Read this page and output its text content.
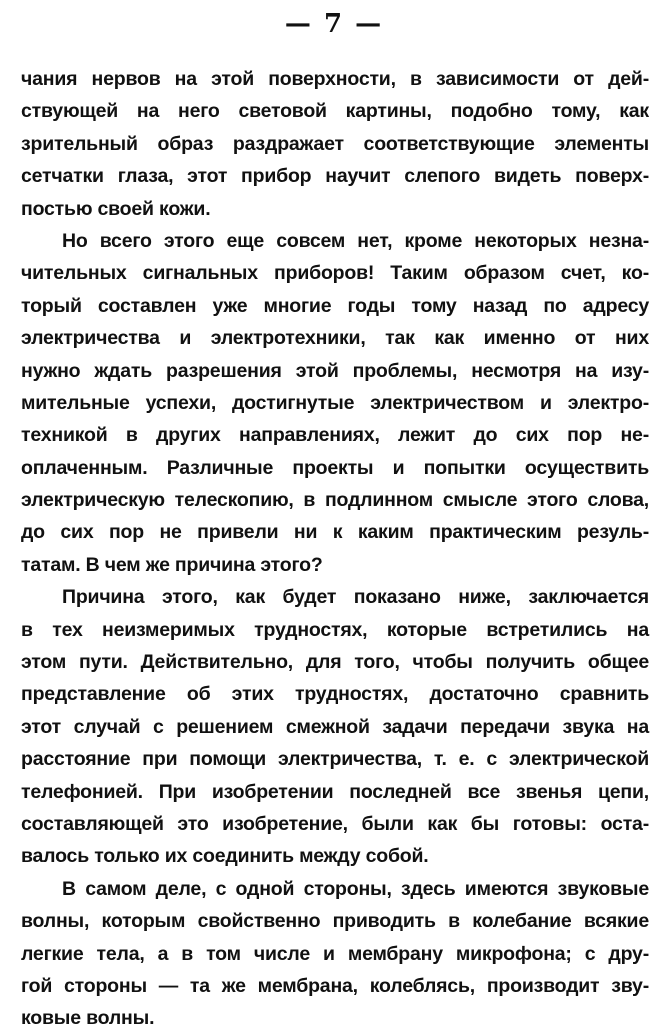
— 7 —
чания нервов на этой поверхности, в зависимости от дей-
ствующей на него световой картины, подобно тому, как
зрительный образ раздражает соответствующие элементы
сетчатки глаза, этот прибор научит слепого видеть поверх-
постью своей кожи.
Но всего этого еще совсем нет, кроме некоторых незна-
чительных сигнальных приборов! Таким образом счет, ко-
торый составлен уже многие годы тому назад по адресу
электричества и электротехники, так как именно от них
нужно ждать разрешения этой проблемы, несмотря на изу-
мительные успехи, достигнутые электричеством и электро-
техникой в других направлениях, лежит до сих пор не-
оплаченным. Различные проекты и попытки осуществить
электрическую телескопию, в подлинном смысле этого слова,
до сих пор не привели ни к каким практическим резуль-
татам. В чем же причина этого?
Причина этого, как будет показано ниже, заключается
в тех неизмеримых трудностях, которые встретились на
этом пути. Действительно, для того, чтобы получить общее
представление об этих трудностях, достаточно сравнить
этот случай с решением смежной задачи передачи звука на
расстояние при помощи электричества, т. е. с электрической
телефонией. При изобретении последней все звенья цепи,
составляющей это изобретение, были как бы готовы: оста-
валось только их соединить между собой.
В самом деле, с одной стороны, здесь имеются звуковые
волны, которым свойственно приводить в колебание всякие
легкие тела, а в том числе и мембрану микрофона; с дру-
гой стороны — та же мембрана, колеблясь, производит зву-
ковые волны.
